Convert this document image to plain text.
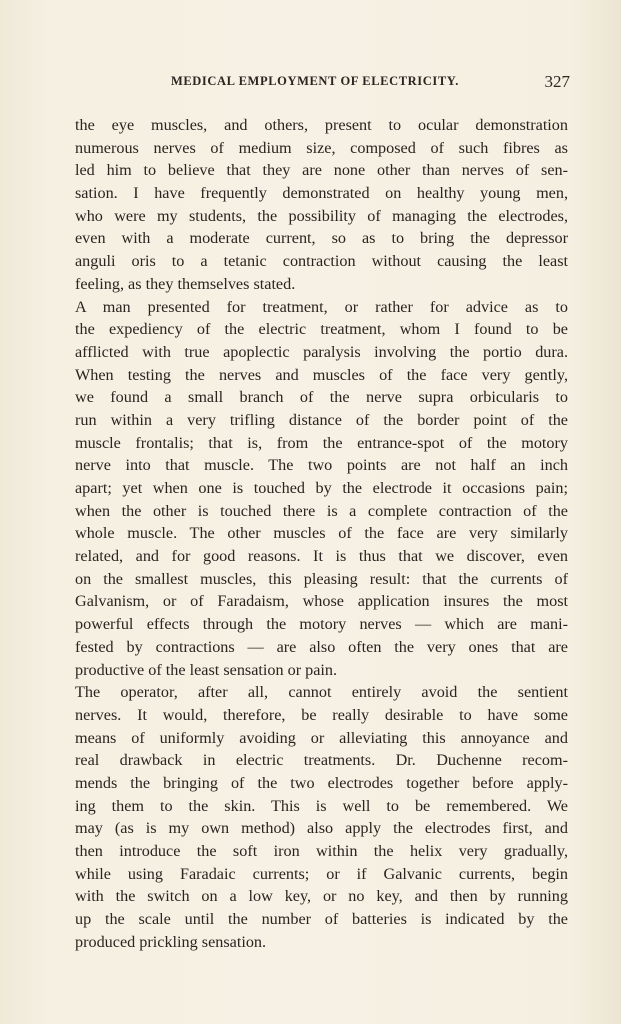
MEDICAL EMPLOYMENT OF ELECTRICITY.	327
the eye muscles, and others, present to ocular demonstration
numerous nerves of medium size, composed of such fibres as
led him to believe that they are none other than nerves of sen-
sation. I have frequently demonstrated on healthy young men,
who were my students, the possibility of managing the electrodes,
even with a moderate current, so as to bring the depressor
anguli oris to a tetanic contraction without causing the least
feeling, as they themselves stated.
A man presented for treatment, or rather for advice as to
the expediency of the electric treatment, whom I found to be
afflicted with true apoplectic paralysis involving the portio dura.
When testing the nerves and muscles of the face very gently,
we found a small branch of the nerve supra orbicularis to
run within a very trifling distance of the border point of the
muscle frontalis; that is, from the entrance-spot of the motory
nerve into that muscle. The two points are not half an inch
apart; yet when one is touched by the electrode it occasions pain;
when the other is touched there is a complete contraction of the
whole muscle. The other muscles of the face are very similarly
related, and for good reasons. It is thus that we discover, even
on the smallest muscles, this pleasing result: that the currents of
Galvanism, or of Faradaism, whose application insures the most
powerful effects through the motory nerves — which are mani-
fested by contractions — are also often the very ones that are
productive of the least sensation or pain.
The operator, after all, cannot entirely avoid the sentient
nerves. It would, therefore, be really desirable to have some
means of uniformly avoiding or alleviating this annoyance and
real drawback in electric treatments. Dr. Duchenne recom-
mends the bringing of the two electrodes together before apply-
ing them to the skin. This is well to be remembered. We
may (as is my own method) also apply the electrodes first, and
then introduce the soft iron within the helix very gradually,
while using Faradaic currents; or if Galvanic currents, begin
with the switch on a low key, or no key, and then by running
up the scale until the number of batteries is indicated by the
produced prickling sensation.
